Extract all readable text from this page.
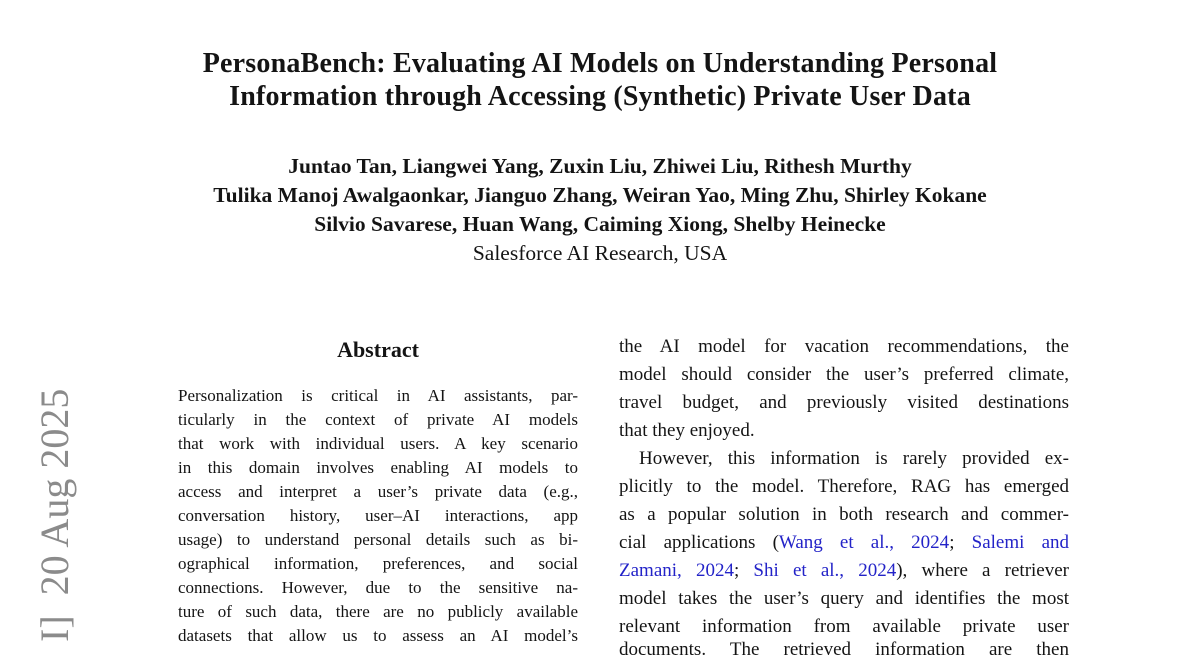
I]  20 Aug 2025
PersonaBench: Evaluating AI Models on Understanding Personal
Information through Accessing (Synthetic) Private User Data
Juntao Tan, Liangwei Yang, Zuxin Liu, Zhiwei Liu, Rithesh Murthy
Tulika Manoj Awalgaonkar, Jianguo Zhang, Weiran Yao, Ming Zhu, Shirley Kokane
Silvio Savarese, Huan Wang, Caiming Xiong, Shelby Heinecke
Salesforce AI Research, USA
Abstract
Personalization is critical in AI assistants, par-
ticularly in the context of private AI models
that work with individual users. A key scenario
in this domain involves enabling AI models to
access and interpret a user’s private data (e.g.,
conversation history, user–AI interactions, app
usage) to understand personal details such as bi-
ographical information, preferences, and social
connections. However, due to the sensitive na-
ture of such data, there are no publicly available
datasets that allow us to assess an AI model’s
the AI model for vacation recommendations, the
model should consider the user’s preferred climate,
travel budget, and previously visited destinations
that they enjoyed.
However, this information is rarely provided ex-
plicitly to the model. Therefore, RAG has emerged
as a popular solution in both research and commer-
cial applications (Wang et al., 2024; Salemi and
Zamani, 2024; Shi et al., 2024), where a retriever
model takes the user’s query and identifies the most
relevant information from available private user
documents. The retrieved information are then
